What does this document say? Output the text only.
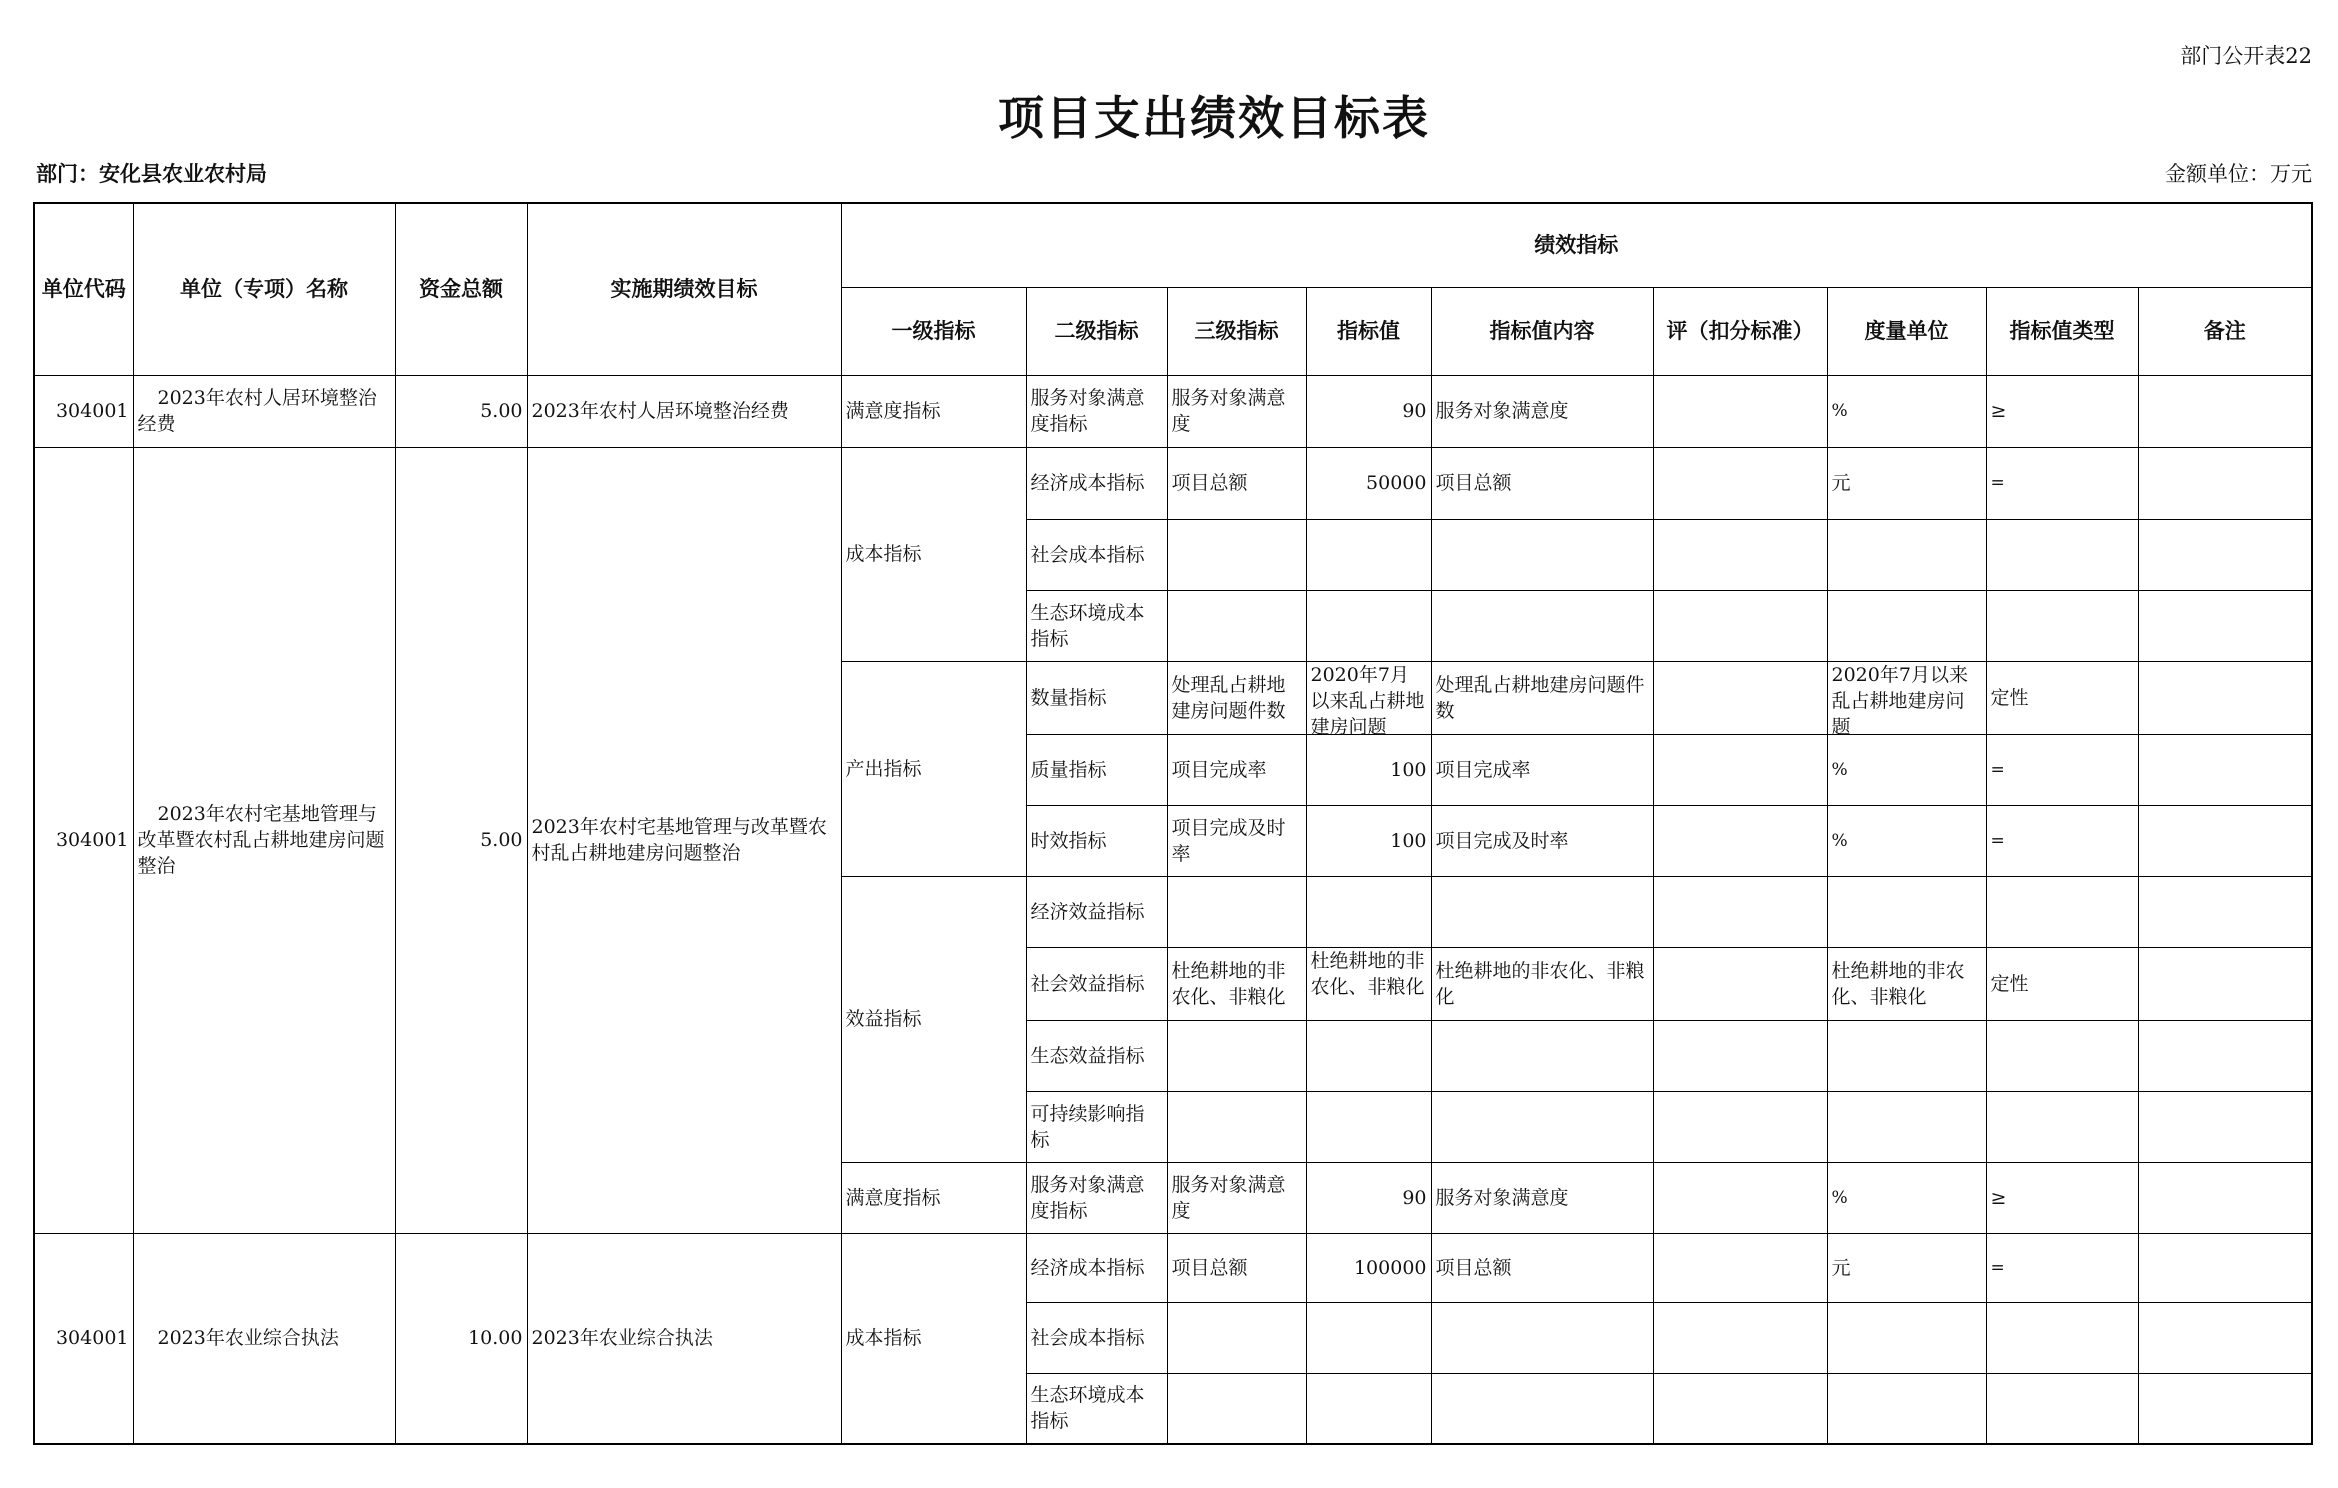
部门公开表22
项目支出绩效目标表
部门：安化县农业农村局	金额单位：万元
单位代码	单位（专项）名称	资金总额	实施期绩效目标	绩效指标								
				一级指标	二级指标	三级指标	指标值	指标值内容	评（扣分标准）	度量单位	指标值类型	备注
304001	2023年农村人居环境整治经费	5.00	2023年农村人居环境整治经费	满意度指标	服务对象满意度指标	服务对象满意度	90	服务对象满意度		%	≥	
304001	2023年农村宅基地管理与改革暨农村乱占耕地建房问题整治	5.00	2023年农村宅基地管理与改革暨农村乱占耕地建房问题整治	成本指标	经济成本指标	项目总额	50000	项目总额		元	=	
					社会成本指标							
					生态环境成本指标							
				产出指标	数量指标	处理乱占耕地建房问题件数	2020年7月以来乱占耕地建房问题	处理乱占耕地建房问题件数		2020年7月以来乱占耕地建房问题	定性	
					质量指标	项目完成率	100	项目完成率		%	=	
					时效指标	项目完成及时率	100	项目完成及时率		%	=	
				效益指标	经济效益指标							
					社会效益指标	杜绝耕地的非农化、非粮化	杜绝耕地的非农化、非粮化	杜绝耕地的非农化、非粮化		杜绝耕地的非农化、非粮化	定性	
					生态效益指标							
					可持续影响指标							
				满意度指标	服务对象满意度指标	服务对象满意度	90	服务对象满意度		%	≥	
304001	2023年农业综合执法	10.00	2023年农业综合执法	成本指标	经济成本指标	项目总额	100000	项目总额		元	=	
					社会成本指标							
					生态环境成本指标							
